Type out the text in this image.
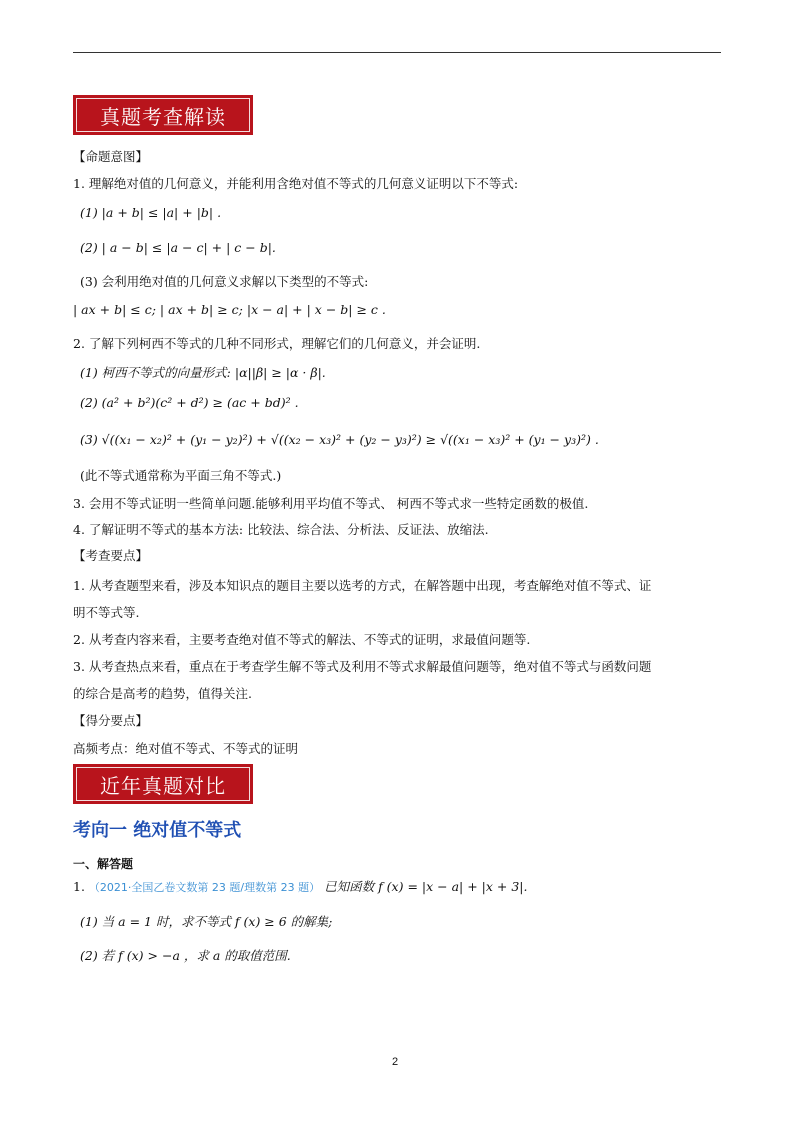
真题考查解读
【命题意图】
1. 理解绝对值的几何意义，并能利用含绝对值不等式的几何意义证明以下不等式:
(1) |a + b| ≤ |a| + |b| .
(2) | a − b| ≤ |a − c| + | c − b|.
(3) 会利用绝对值的几何意义求解以下类型的不等式:
| ax + b| ≤ c; | ax + b| ≥ c; |x − a| + | x − b| ≥ c .
2. 了解下列柯西不等式的几种不同形式，理解它们的几何意义，并会证明.
(1) 柯西不等式的向量形式: |α||β| ≥ |α · β|.
(2) (a² + b²)(c² + d²) ≥ (ac + bd)² .
(3) √((x₁ − x₂)² + (y₁ − y₂)²) + √((x₂ − x₃)² + (y₂ − y₃)²) ≥ √((x₁ − x₃)² + (y₁ − y₃)²) .
(此不等式通常称为平面三角不等式.)
3. 会用不等式证明一些简单问题.能够利用平均值不等式、 柯西不等式求一些特定函数的极值.
4. 了解证明不等式的基本方法: 比较法、综合法、分析法、反证法、放缩法.
【考查要点】
1. 从考查题型来看，涉及本知识点的题目主要以选考的方式，在解答题中出现，考查解绝对值不等式、证
明不等式等.
2. 从考查内容来看，主要考查绝对值不等式的解法、不等式的证明，求最值问题等.
3. 从考查热点来看，重点在于考查学生解不等式及利用不等式求解最值问题等，绝对值不等式与函数问题
的综合是高考的趋势，值得关注.
【得分要点】
高频考点：绝对值不等式、不等式的证明
近年真题对比
考向一 绝对值不等式
一、解答题
1. （2021·全国乙卷文数第 23 题/理数第 23 题） 已知函数 f (x) = |x − a| + |x + 3|.
(1) 当 a = 1 时，求不等式 f (x) ≥ 6 的解集;
(2) 若 f (x) > −a ，求 a 的取值范围.
2
